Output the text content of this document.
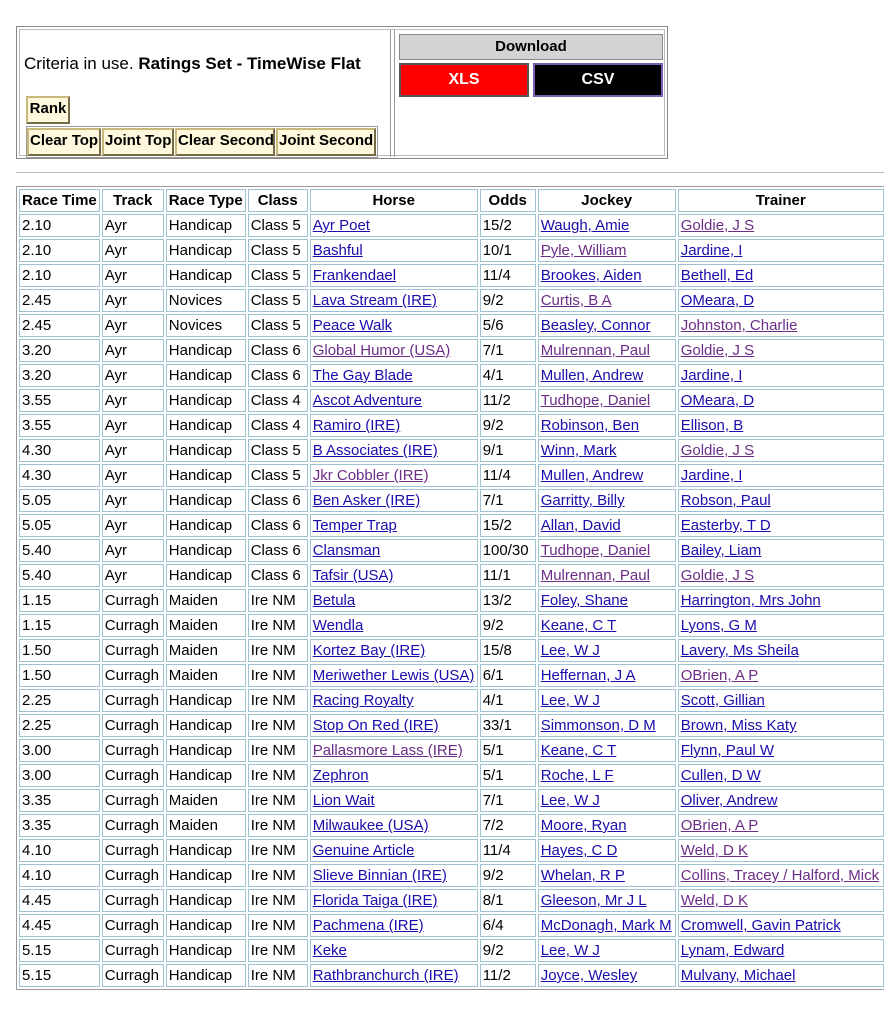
Criteria in use. Ratings Set - TimeWise Flat
Rank
Clear Top Joint Top Clear Second Joint Second
Download
XLS	CSV
Race Time	Track	Race Type	Class	Horse	Odds	Jockey	Trainer	
2.10	Ayr	Handicap	Class 5	Ayr Poet	15/2	Waugh, Amie	Goldie, J S	
2.10	Ayr	Handicap	Class 5	Bashful	10/1	Pyle, William	Jardine, I	
2.10	Ayr	Handicap	Class 5	Frankendael	11/4	Brookes, Aiden	Bethell, Ed	
2.45	Ayr	Novices	Class 5	Lava Stream (IRE)	9/2	Curtis, B A	OMeara, D	
2.45	Ayr	Novices	Class 5	Peace Walk	5/6	Beasley, Connor	Johnston, Charlie	
3.20	Ayr	Handicap	Class 6	Global Humor (USA)	7/1	Mulrennan, Paul	Goldie, J S	
3.20	Ayr	Handicap	Class 6	The Gay Blade	4/1	Mullen, Andrew	Jardine, I	
3.55	Ayr	Handicap	Class 4	Ascot Adventure	11/2	Tudhope, Daniel	OMeara, D	
3.55	Ayr	Handicap	Class 4	Ramiro (IRE)	9/2	Robinson, Ben	Ellison, B	
4.30	Ayr	Handicap	Class 5	B Associates (IRE)	9/1	Winn, Mark	Goldie, J S	
4.30	Ayr	Handicap	Class 5	Jkr Cobbler (IRE)	11/4	Mullen, Andrew	Jardine, I	
5.05	Ayr	Handicap	Class 6	Ben Asker (IRE)	7/1	Garritty, Billy	Robson, Paul	
5.05	Ayr	Handicap	Class 6	Temper Trap	15/2	Allan, David	Easterby, T D	
5.40	Ayr	Handicap	Class 6	Clansman	100/30	Tudhope, Daniel	Bailey, Liam	
5.40	Ayr	Handicap	Class 6	Tafsir (USA)	11/1	Mulrennan, Paul	Goldie, J S	
1.15	Curragh	Maiden	Ire NM	Betula	13/2	Foley, Shane	Harrington, Mrs John	
1.15	Curragh	Maiden	Ire NM	Wendla	9/2	Keane, C T	Lyons, G M	
1.50	Curragh	Maiden	Ire NM	Kortez Bay (IRE)	15/8	Lee, W J	Lavery, Ms Sheila	
1.50	Curragh	Maiden	Ire NM	Meriwether Lewis (USA)	6/1	Heffernan, J A	OBrien, A P	
2.25	Curragh	Handicap	Ire NM	Racing Royalty	4/1	Lee, W J	Scott, Gillian	
2.25	Curragh	Handicap	Ire NM	Stop On Red (IRE)	33/1	Simmonson, D M	Brown, Miss Katy	
3.00	Curragh	Handicap	Ire NM	Pallasmore Lass (IRE)	5/1	Keane, C T	Flynn, Paul W	
3.00	Curragh	Handicap	Ire NM	Zephron	5/1	Roche, L F	Cullen, D W	
3.35	Curragh	Maiden	Ire NM	Lion Wait	7/1	Lee, W J	Oliver, Andrew	
3.35	Curragh	Maiden	Ire NM	Milwaukee (USA)	7/2	Moore, Ryan	OBrien, A P	
4.10	Curragh	Handicap	Ire NM	Genuine Article	11/4	Hayes, C D	Weld, D K	
4.10	Curragh	Handicap	Ire NM	Slieve Binnian (IRE)	9/2	Whelan, R P	Collins, Tracey / Halford, Mick	
4.45	Curragh	Handicap	Ire NM	Florida Taiga (IRE)	8/1	Gleeson, Mr J L	Weld, D K	
4.45	Curragh	Handicap	Ire NM	Pachmena (IRE)	6/4	McDonagh, Mark M	Cromwell, Gavin Patrick	
5.15	Curragh	Handicap	Ire NM	Keke	9/2	Lee, W J	Lynam, Edward	
5.15	Curragh	Handicap	Ire NM	Rathbranchurch (IRE)	11/2	Joyce, Wesley	Mulvany, Michael	
